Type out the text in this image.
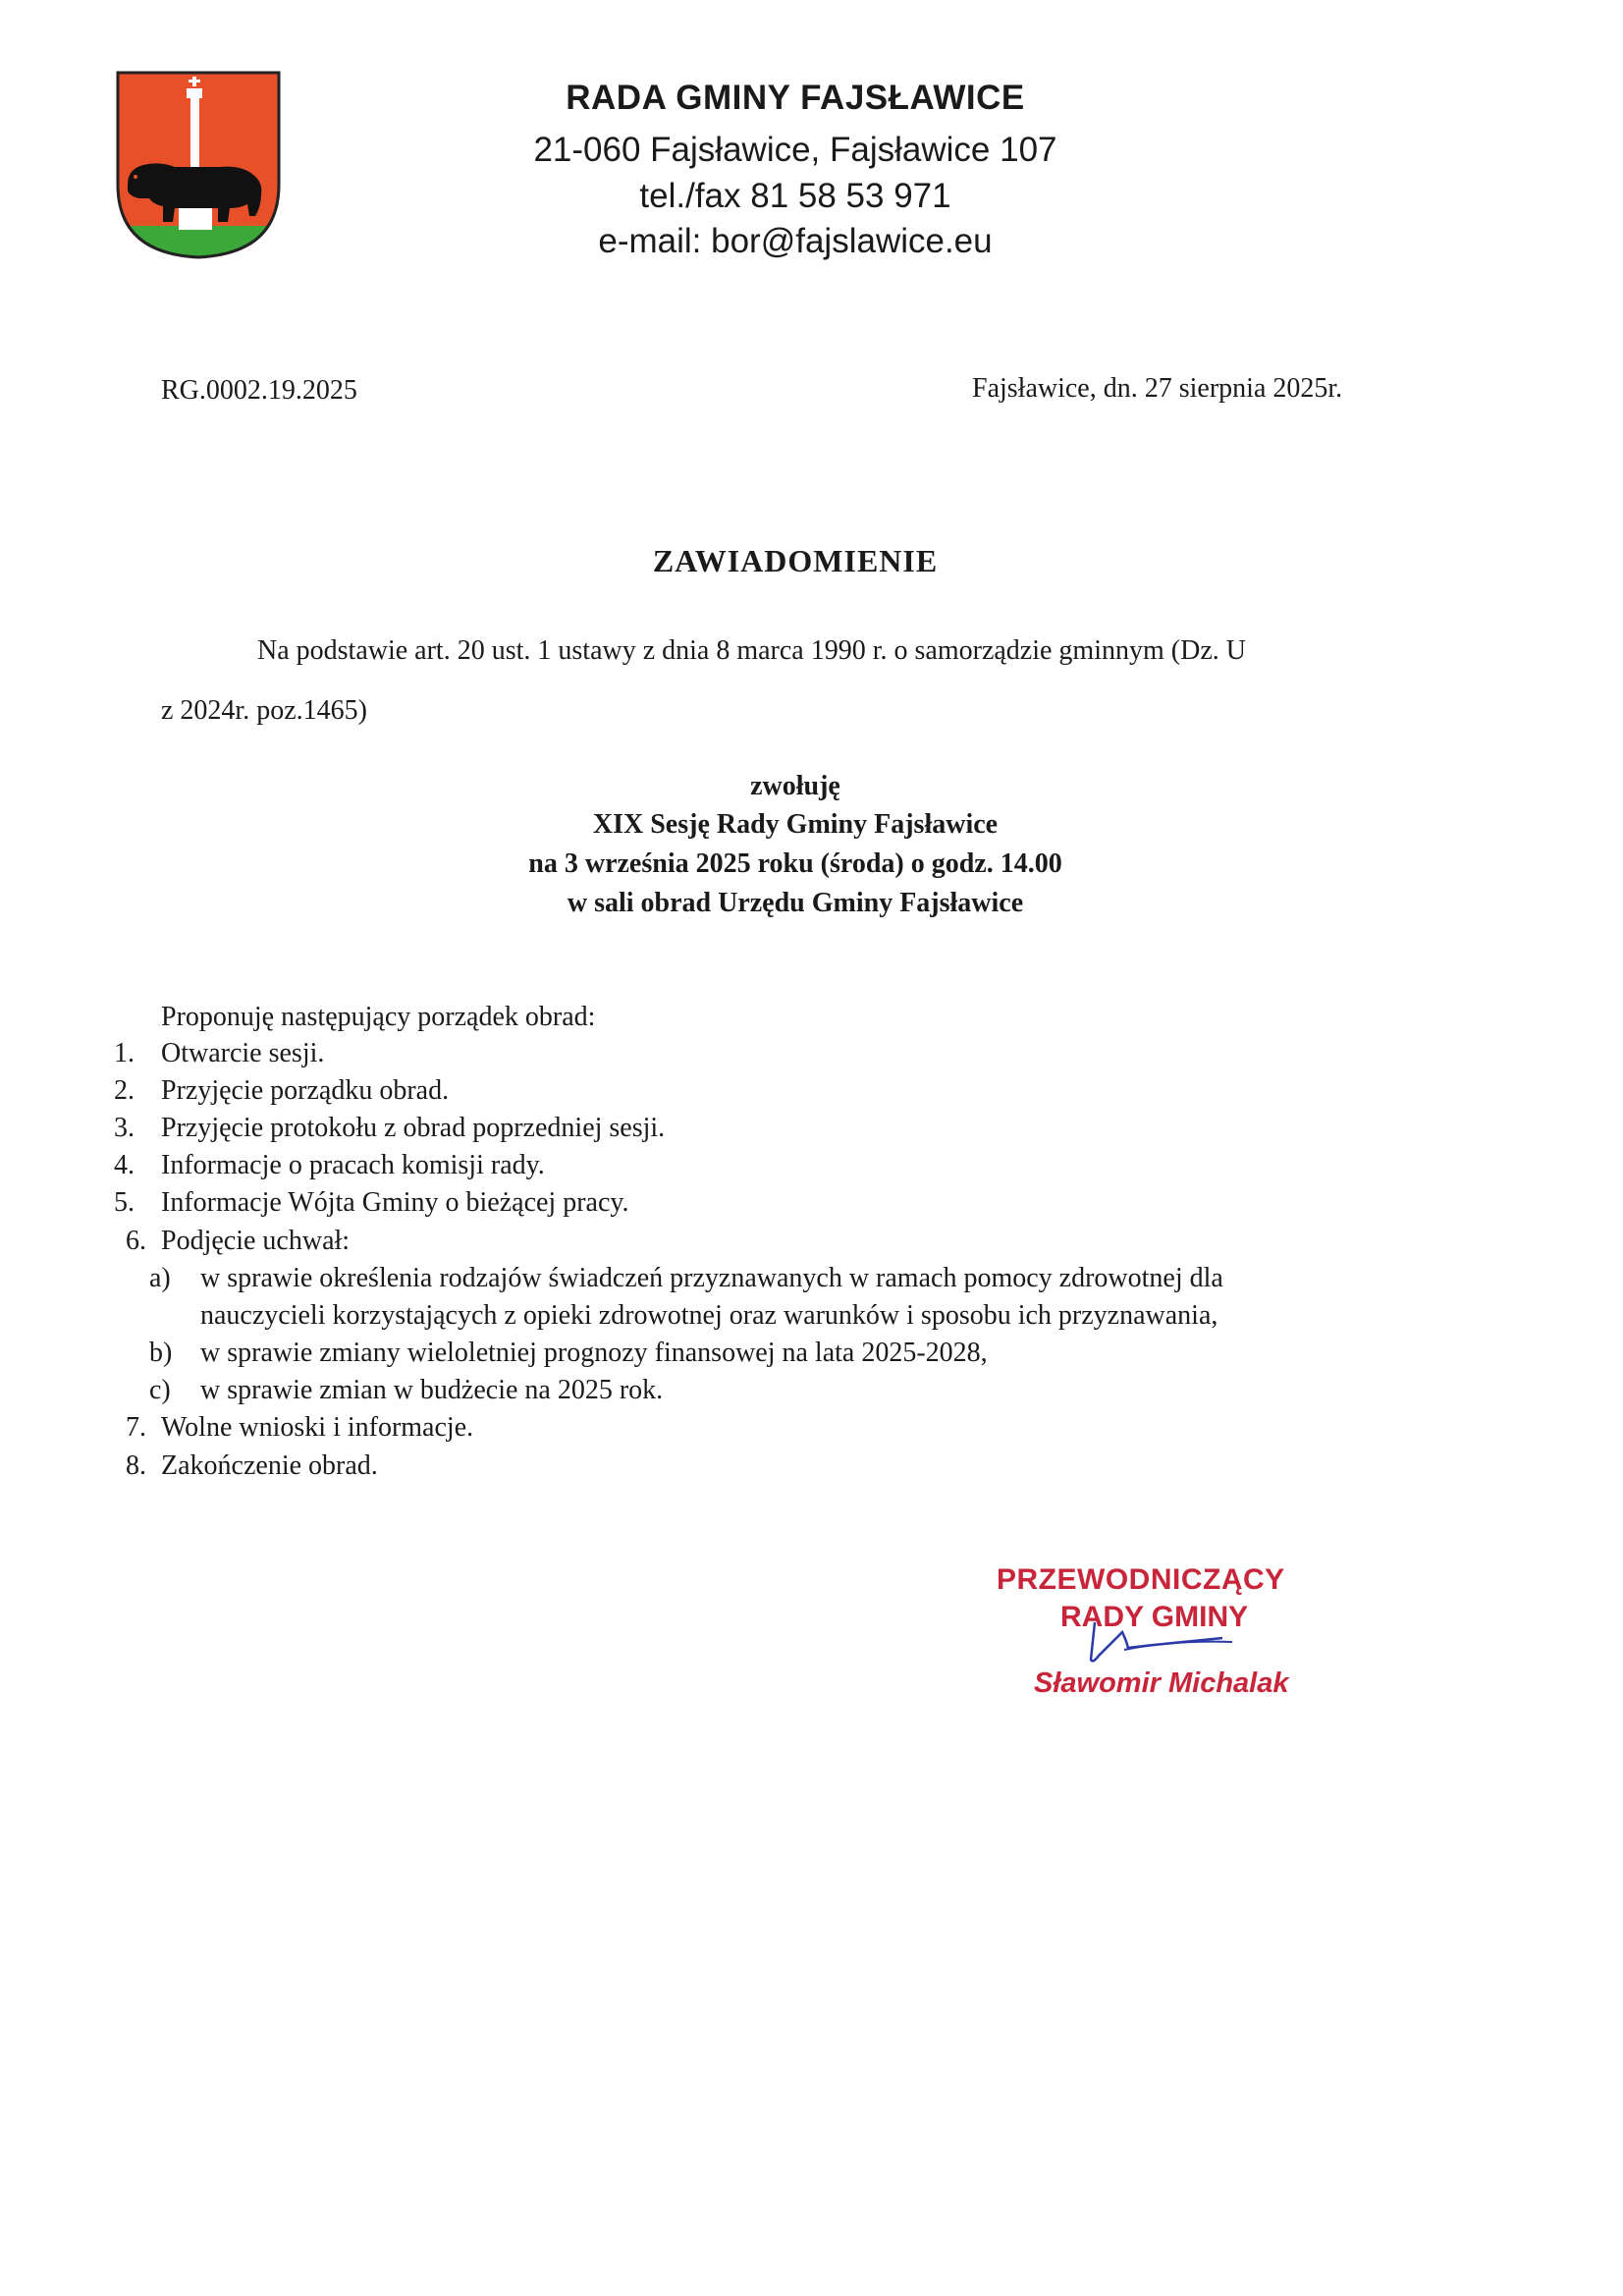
RADA GMINY FAJSŁAWICE
21-060 Fajsławice, Fajsławice 107
tel./fax 81 58 53 971
e-mail: bor@fajslawice.eu
RG.0002.19.2025	Fajsławice, dn. 27 sierpnia 2025r.
ZAWIADOMIENIE
Na podstawie art. 20 ust. 1 ustawy z dnia 8 marca 1990 r. o samorządzie gminnym (Dz. U
z 2024r. poz.1465)
zwołuję
XIX Sesję Rady Gminy Fajsławice
na 3 września 2025 roku (środa) o godz. 14.00
w sali obrad Urzędu Gminy Fajsławice
Proponuję następujący porządek obrad:
1. Otwarcie sesji.
2. Przyjęcie porządku obrad.
3. Przyjęcie protokołu z obrad poprzedniej sesji.
4. Informacje o pracach komisji rady.
5. Informacje Wójta Gminy o bieżącej pracy.
6. Podjęcie uchwał:
a) w sprawie określenia rodzajów świadczeń przyznawanych w ramach pomocy zdrowotnej dla
nauczycieli korzystających z opieki zdrowotnej oraz warunków i sposobu ich przyznawania,
b) w sprawie zmiany wieloletniej prognozy finansowej na lata 2025-2028,
c) w sprawie zmian w budżecie na 2025 rok.
7. Wolne wnioski i informacje.
8. Zakończenie obrad.
PRZEWODNICZĄCY
RADY GMINY
Sławomir Michalak
